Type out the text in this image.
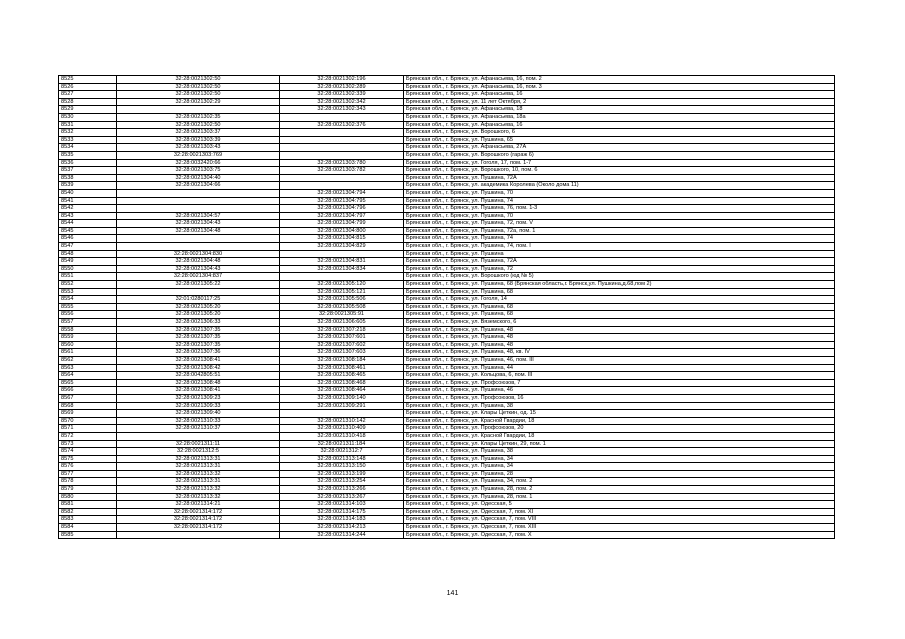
8525	32:28:0021302:50	32:28:0021302:196	Брянская обл., г. Брянск, ул. Афанасьева, 16, пом. 2
8526	32:28:0021302:50	32:28:0021302:289	Брянская обл., г. Брянск, ул. Афанасьева, 16, пом. 3
8527	32:28:0021302:50	32:28:0021302:339	Брянская обл., г. Брянск, ул. Афанасьева, 16
8528	32:28:0021302:29	32:28:0021302:342	Брянская обл., г. Брянск, ул. 11 лет Октября, 2
8529		32:28:0021302:343	Брянская обл., г. Брянск, ул. Афанасьева, 18
8530	32:28:0021302:35		Брянская обл., г. Брянск, ул. Афанасьева, 18а
8531	32:28:0021302:50	32:28:0021302:376	Брянская обл., г. Брянск, ул. Афанасьева, 16
8532	32:28:0021303:37		Брянская обл., г. Брянск, ул. Ворошкого, 6
8533	32:28:0021303:39		Брянская обл., г. Брянск, ул. Пушкина, 65
8534	32:28:0021303:43		Брянская обл., г. Брянск, ул. Афанасьева, 27А
8535	32:28:0021303:769		Брянская обл., г. Брянск, ул. Ворошкого (гараж 6)
8536	32:28:0032420:66	32:28:0021303:780	Брянская обл., г. Брянск, ул. Гоголя, 17, пом. 1-7
8537	32:28:0021303:75	32:28:0021303:782	Брянская обл., г. Брянск, ул. Ворошкого, 10, пом. 6
8538	32:28:0021304:40		Брянская обл., г. Брянск, ул. Пушкина, 72А
8539	32:28:0021304:66		Брянская обл., г. Брянск, ул. академика Королева (Около дома 11)
8540		32:28:0021304:794	Брянская обл., г. Брянск, ул. Пушкина, 70
8541		32:28:0021304:795	Брянская обл., г. Брянск, ул. Пушкина, 74
8542		32:28:0021304:796	Брянская обл., г. Брянск, ул. Пушкина, 76, пом. 1-3
8543	32:28:0021304:57	32:28:0021304:797	Брянская обл., г. Брянск, ул. Пушкина, 70
8544	32:28:0021304:43	32:28:0021304:799	Брянская обл., г. Брянск, ул. Пушкина, 72, пом. V
8545	32:28:0021304:48	32:28:0021304:800	Брянская обл., г. Брянск, ул. Пушкина, 72а, пом. 1
8546		32:28:0021304:815	Брянская обл., г. Брянск, ул. Пушкина, 74
8547		32:28:0021304:829	Брянская обл., г. Брянск, ул. Пушкина, 74, пом. I
8548	32:28:0021304:830		Брянская обл., г. Брянск, ул. Пушкина
8549	32:28:0021304:48	32:28:0021304:831	Брянская обл., г. Брянск, ул. Пушкина, 72А
8550	32:28:0021304:43	32:28:0021304:834	Брянская обл., г. Брянск, ул. Пушкина, 72
8551	32:28:0021304:837		Брянская обл., г. Брянск, ул. Ворошкого (юд № 5)
8552	32:28:0021305:22	32:28:0021305:120	Брянская обл., г. Брянск, ул. Пушкина, 68 (Брянская область,г. Брянск,ул. Пушкина,д.68,пом 2)
8553		32:28:0021305:121	Брянская обл., г. Брянск, ул. Пушкина, 68
8554	32:01:0280117:25	32:28:0021305:506	Брянская обл., г. Брянск, ул. Гоголя, 14
8555	32:28:0021305:20	32:28:0021305:508	Брянская обл., г. Брянск, ул. Пушкина, 68
8556	32:28:0021305:20	32:28:0021305:91	Брянская обл., г. Брянск, ул. Пушкина, 68
8557	32:28:0021306:33	32:28:0021306:605	Брянская обл., г. Брянск, ул. Вяземского, 6
8558	32:28:0021307:35	32:28:0021307:218	Брянская обл., г. Брянск, ул. Пушкина, 48
8559	32:28:0021307:35	32:28:0021307:601	Брянская обл., г. Брянск, ул. Пушкина, 48
8560	32:28:0021307:35	32:28:0021307:602	Брянская обл., г. Брянск, ул. Пушкина, 48
8561	32:28:0021307:36	32:28:0021307:603	Брянская обл., г. Брянск, ул. Пушкина, 48, кв. IV
8562	32:28:0021308:41	32:28:0021308:184	Брянская обл., г. Брянск, ул. Пушкина, 46, пом. III
8563	32:28:0021308:42	32:28:0021308:461	Брянская обл., г. Брянск, ул. Пушкина, 44
8564	32:28:0042805:51	32:28:0021308:465	Брянская обл., г. Брянск, ул. Кольцова, 6, пом. III
8565	32:28:0021308:48	32:28:0021308:468	Брянская обл., г. Брянск, ул. Профсоюзов, 7
8566	32:28:0021308:41	32:28:0021308:464	Брянская обл., г. Брянск, ул. Пушкина, 46
8567	32:28:0021309:23	32:28:0021309:140	Брянская обл., г. Брянск, ул. Профсоюзов, 16
8568	32:28:0021309:33	32:28:0021309:291	Брянская обл., г. Брянск, ул. Пушкина, 38
8569	32:28:0021309:40		Брянская обл., г. Брянск, ул. Клары Цеткин, од. 15
8570	32:28:0021310:33	32:28:0021310:142	Брянская обл., г. Брянск, ул. Красной Гвардии, 18
8571	32:28:0021310:37	32:28:0021310:409	Брянская обл., г. Брянск, ул. Профсоюзов, 20
8572		32:28:0021310:418	Брянская обл., г. Брянск, ул. Красной Гвардии, 18
8573	32:28:0021311:11	32:28:0021311:184	Брянская обл., г. Брянск, ул. Клары Цеткин, 29, пом. 1
8574	32:28:0021312:5	32:28:0021312:7	Брянская обл., г. Брянск, ул. Пушкина, 38
8575	32:28:0021313:31	32:28:0021313:148	Брянская обл., г. Брянск, ул. Пушкина, 34
8576	32:28:0021313:31	32:28:0021313:150	Брянская обл., г. Брянск, ул. Пушкина, 34
8577	32:28:0021313:32	32:28:0021313:199	Брянская обл., г. Брянск, ул. Пушкина, 28
8578	32:28:0021313:31	32:28:0021313:254	Брянская обл., г. Брянск, ул. Пушкина, 34, пом. 2
8579	32:28:0021313:32	32:28:0021313:266	Брянская обл., г. Брянск, ул. Пушкина, 28, пом. 2
8580	32:28:0021313:32	32:28:0021313:267	Брянская обл., г. Брянск, ул. Пушкина, 28, пом. 1
8581	32:28:0021314:21	32:28:0021314:103	Брянская обл., г. Брянск, ул. Одесская, 5
8582	32:28:0021314:172	32:28:0021314:175	Брянская обл., г. Брянск, ул. Одесская, 7, пом. XI
8583	32:28:0021314:172	32:28:0021314:183	Брянская обл., г. Брянск, ул. Одесская, 7, пом. VIII
8584	32:28:0021314:172	32:28:0021314:213	Брянская обл., г. Брянск, ул. Одесская, 7, пом. XIII
8585		32:28:0021314:244	Брянская обл., г. Брянск, ул. Одесская, 7, пом. X
141
